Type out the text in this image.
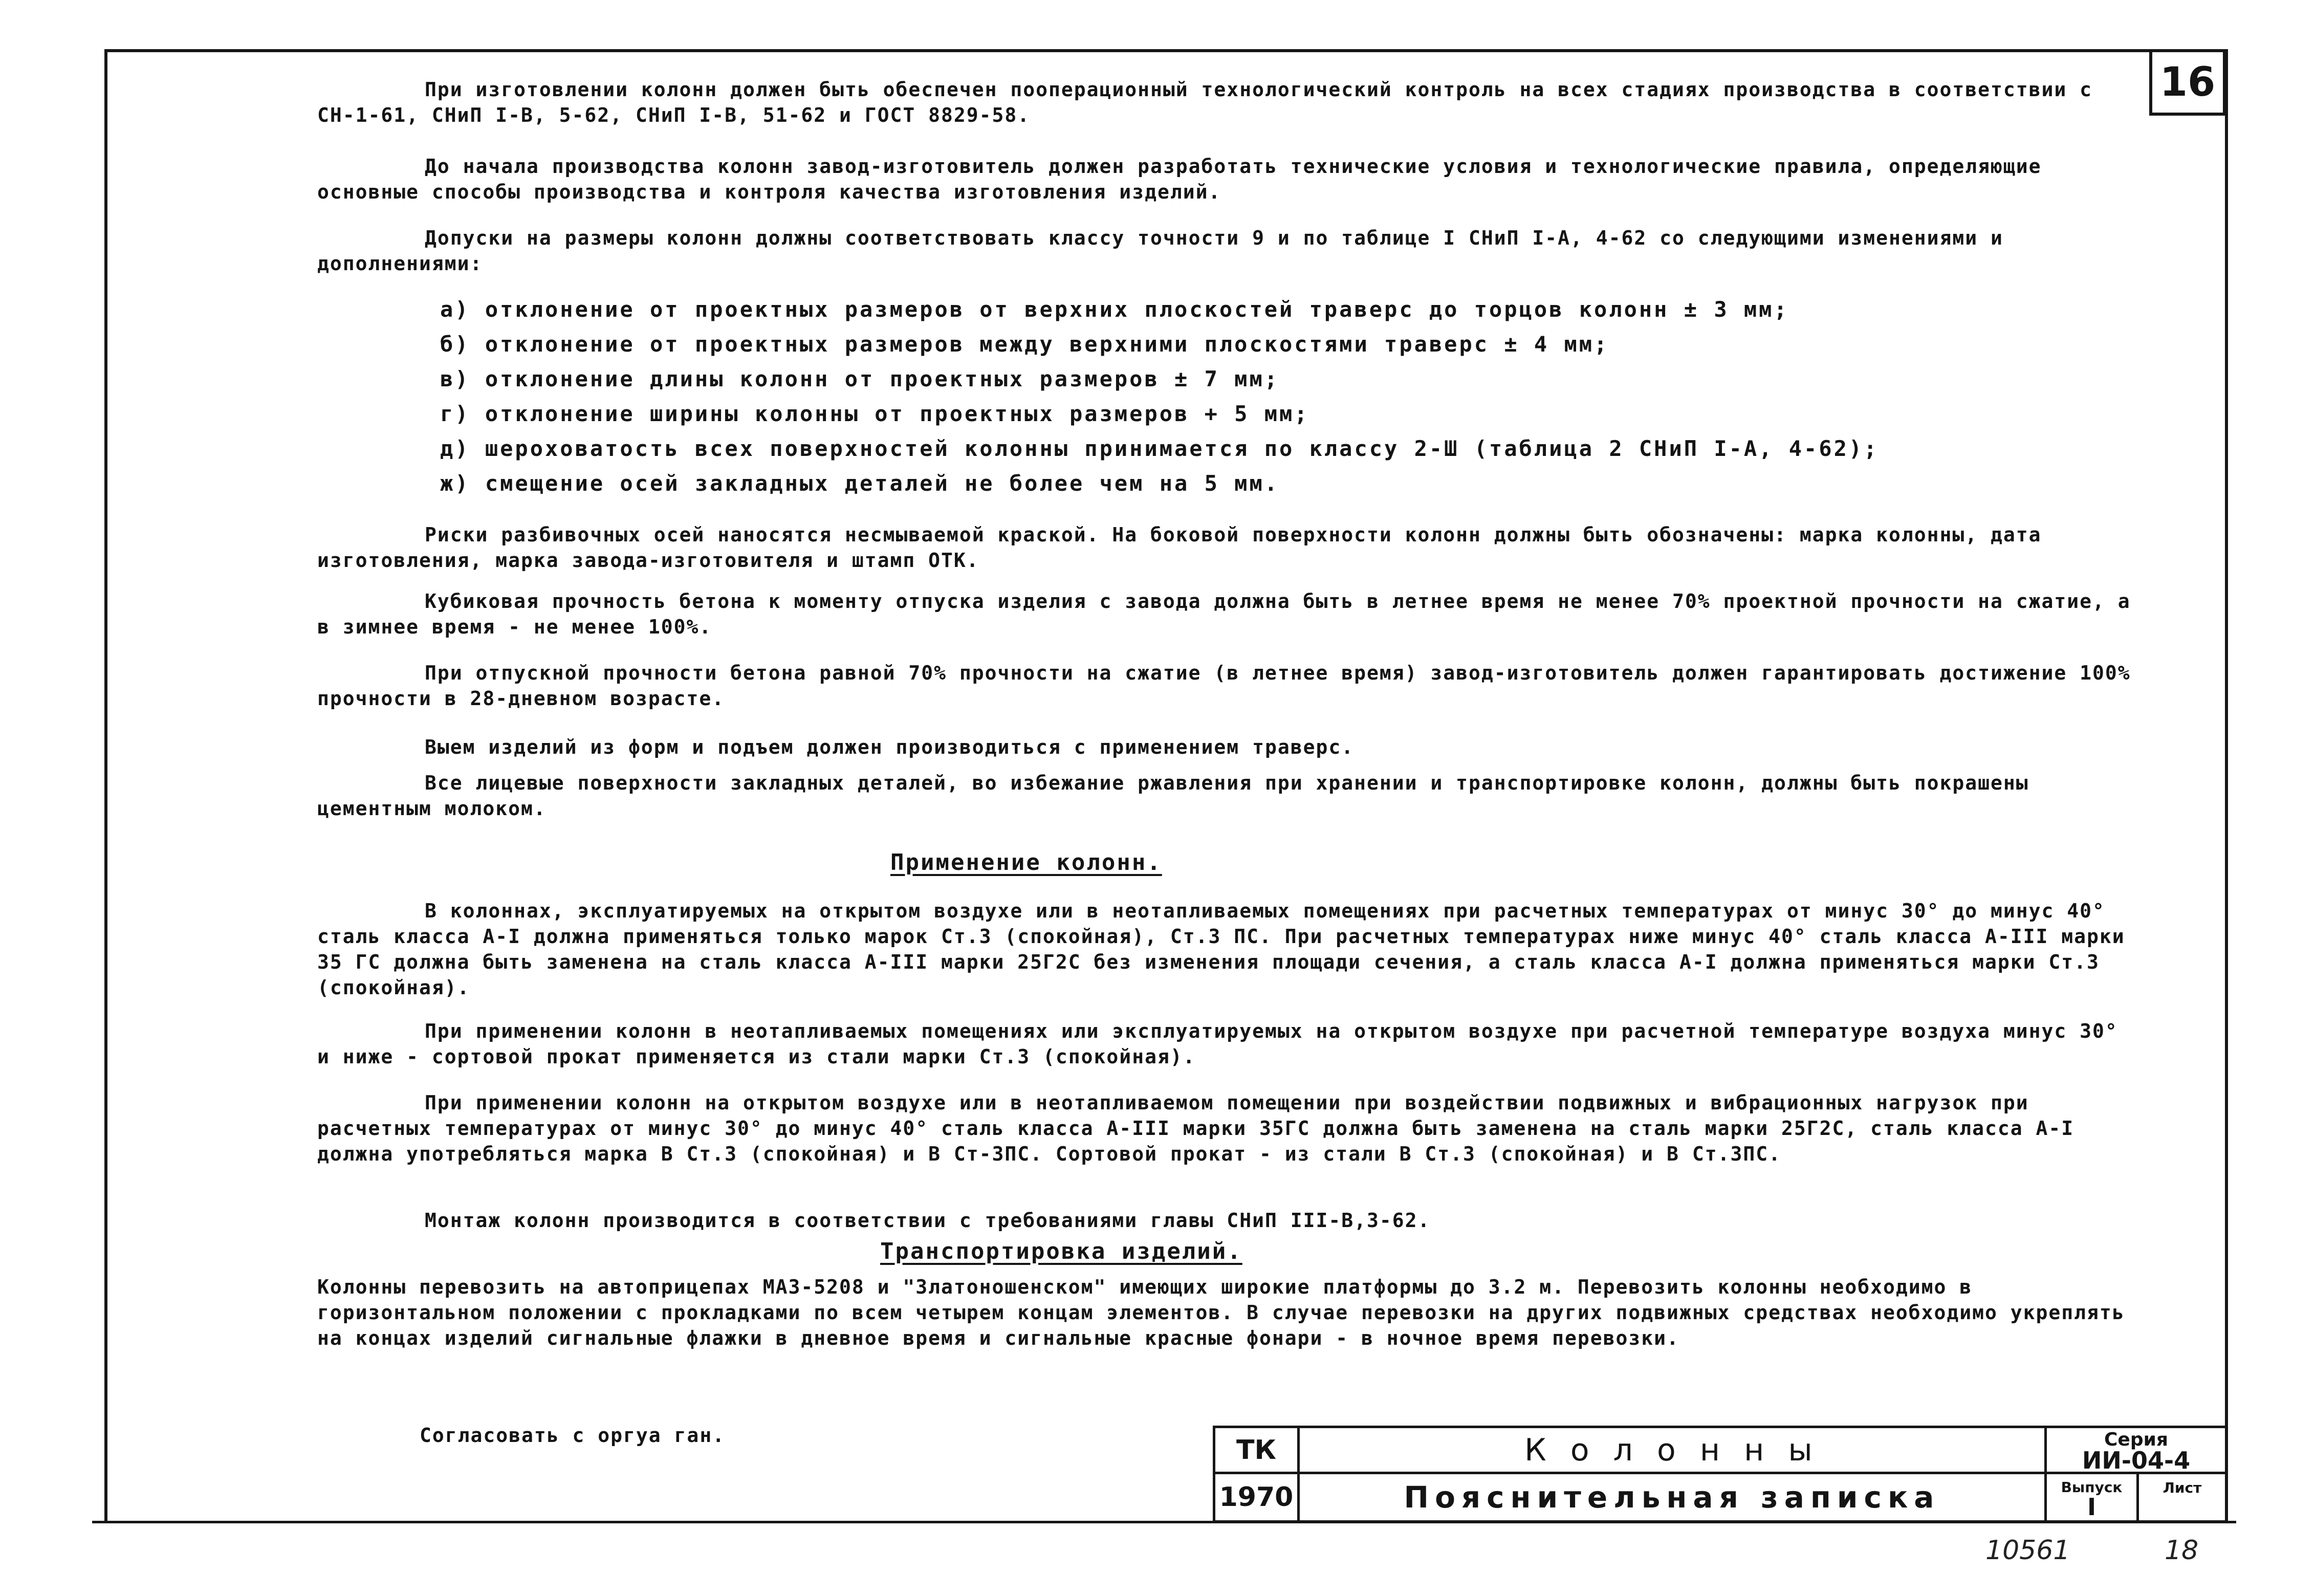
16
При изготовлении колонн должен быть обеспечен пооперационный технологический контроль на всех стадиях производства в соответствии с СН-1-61, СНиП I-В, 5-62, СНиП I-В, 51-62 и ГОСТ 8829-58.
До начала производства колонн завод-изготовитель должен разработать технические условия и технологические правила, определяющие основные способы производства и контроля качества изготовления изделий.
Допуски на размеры колонн должны соответствовать классу точности 9 и по таблице I СНиП I-А, 4-62 со следующими изменениями и дополнениями:
а) отклонение от проектных размеров от верхних плоскостей траверс до торцов колонн ± 3 мм;
б) отклонение от проектных размеров между верхними плоскостями траверс ± 4 мм;
в) отклонение длины колонн от проектных размеров ± 7 мм;
г) отклонение ширины колонны от проектных размеров + 5 мм;
д) шероховатость всех поверхностей колонны принимается по классу 2-Ш (таблица 2 СНиП I-А, 4-62);
ж) смещение осей закладных деталей не более чем на 5 мм.
Риски разбивочных осей наносятся несмываемой краской. На боковой поверхности колонн должны быть обозначены: марка колонны, дата изготовления, марка завода-изготовителя и штамп ОТК.
Кубиковая прочность бетона к моменту отпуска изделия с завода должна быть в летнее время не менее 70% проектной прочности на сжатие, а в зимнее время - не менее 100%.
При отпускной прочности бетона равной 70% прочности на сжатие (в летнее время) завод-изготовитель должен гарантировать достижение 100% прочности в 28-дневном возрасте.
Выем изделий из форм и подъем должен производиться с применением траверс.
Все лицевые поверхности закладных деталей, во избежание ржавления при хранении и транспортировке колонн, должны быть покрашены цементным молоком.
Применение колонн.
В колоннах, эксплуатируемых на открытом воздухе или в неотапливаемых помещениях при расчетных температурах от минус 30° до минус 40° сталь класса А-I должна применяться только марок Ст.3 (спокойная), Ст.3 ПС. При расчетных температурах ниже минус 40° сталь класса А-III марки 35 ГС должна быть заменена на сталь класса А-III марки 25Г2С без изменения площади сечения, а сталь класса А-I должна применяться марки Ст.3 (спокойная).
При применении колонн в неотапливаемых помещениях или эксплуатируемых на открытом воздухе при расчетной температуре воздуха минус 30° и ниже - сортовой прокат применяется из стали марки Ст.3 (спокойная).
При применении колонн на открытом воздухе или в неотапливаемом помещении при воздействии подвижных и вибрационных нагрузок при расчетных температурах от минус 30° до минус 40° сталь класса А-III марки 35ГС должна быть заменена на сталь марки 25Г2С, сталь класса А-I должна употребляться марка В Ст.3 (спокойная) и В Ст-3ПС. Сортовой прокат - из стали В Ст.3 (спокойная) и В Ст.3ПС.
Монтаж колонн производится в соответствии с требованиями главы СНиП III-В,3-62.
Транспортировка изделий.
Колонны перевозить на автоприцепах МАЗ-5208 и "Златоношенском" имеющих широкие платформы до 3.2 м. Перевозить колонны необходимо в горизонтальном положении с прокладками по всем четырем концам элементов. В случае перевозки на других подвижных средствах необходимо укреплять на концах изделий сигнальные флажки в дневное время и сигнальные красные фонари - в ночное время перевозки.
Согласовать с оргуа ган.	ТК
1970
К о л о н н ы
Пояснительная записка
Серия
ИИ-04-4
Выпуск
I
Лист
10561	18
